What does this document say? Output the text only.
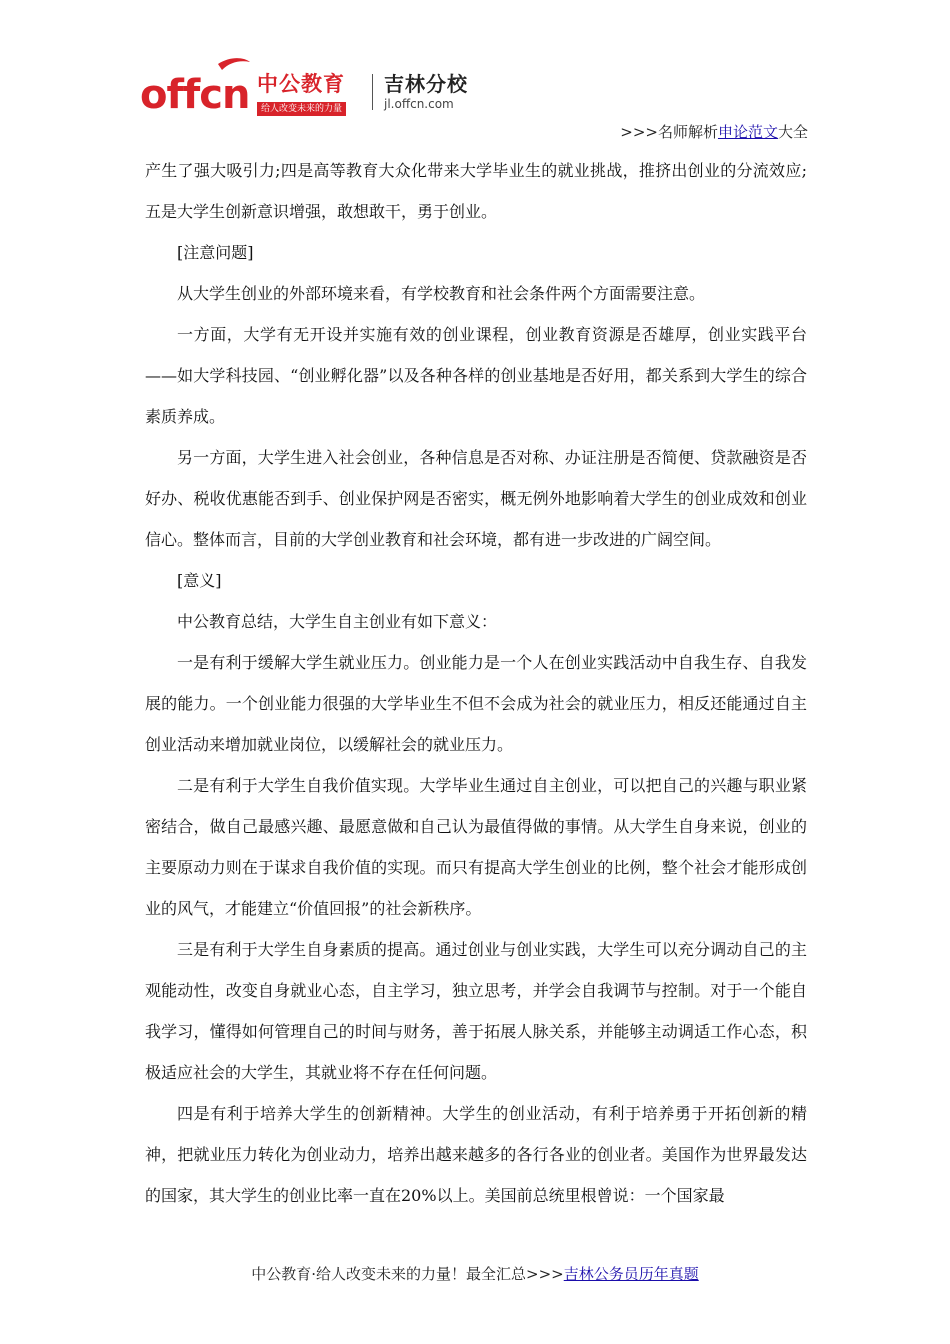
offcn 中公教育
给人改变未来的力量
吉林分校
jl.offcn.com
>>>名师解析申论范文大全

产生了强大吸引力;四是高等教育大众化带来大学毕业生的就业挑战，推挤出创业的分流效应;五是大学生创新意识增强，敢想敢干，勇于创业。

[注意问题]

从大学生创业的外部环境来看，有学校教育和社会条件两个方面需要注意。

一方面，大学有无开设并实施有效的创业课程，创业教育资源是否雄厚，创业实践平台——如大学科技园、“创业孵化器”以及各种各样的创业基地是否好用，都关系到大学生的综合素质养成。

另一方面，大学生进入社会创业，各种信息是否对称、办证注册是否简便、贷款融资是否好办、税收优惠能否到手、创业保护网是否密实，概无例外地影响着大学生的创业成效和创业信心。整体而言，目前的大学创业教育和社会环境，都有进一步改进的广阔空间。

[意义]

中公教育总结，大学生自主创业有如下意义：

一是有利于缓解大学生就业压力。创业能力是一个人在创业实践活动中自我生存、自我发展的能力。一个创业能力很强的大学毕业生不但不会成为社会的就业压力，相反还能通过自主创业活动来增加就业岗位，以缓解社会的就业压力。

二是有利于大学生自我价值实现。大学毕业生通过自主创业，可以把自己的兴趣与职业紧密结合，做自己最感兴趣、最愿意做和自己认为最值得做的事情。从大学生自身来说，创业的主要原动力则在于谋求自我价值的实现。而只有提高大学生创业的比例，整个社会才能形成创业的风气，才能建立“价值回报”的社会新秩序。

三是有利于大学生自身素质的提高。通过创业与创业实践，大学生可以充分调动自己的主观能动性，改变自身就业心态，自主学习，独立思考，并学会自我调节与控制。对于一个能自我学习，懂得如何管理自己的时间与财务，善于拓展人脉关系，并能够主动调适工作心态，积极适应社会的大学生，其就业将不存在任何问题。

四是有利于培养大学生的创新精神。大学生的创业活动，有利于培养勇于开拓创新的精神，把就业压力转化为创业动力，培养出越来越多的各行各业的创业者。美国作为世界最发达的国家，其大学生的创业比率一直在20%以上。美国前总统里根曾说：一个国家最

中公教育·给人改变未来的力量！最全汇总>>>吉林公务员历年真题
